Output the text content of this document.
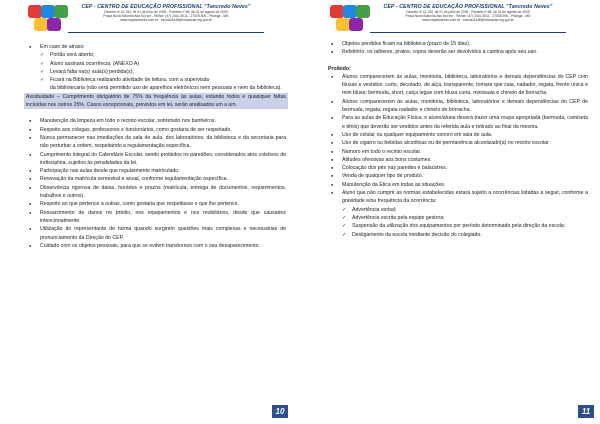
CEP - CENTRO DE EDUCAÇÃO PROFISSIONAL "Tancredo Neves"
Decreto nº 41.754, de 01 de julho de 2009 - Portaria nº 58, de 31 de agosto de 2009
Praça Nova Bolonha Asa Sul s/n - Tel/fax: (47) 3341-5011 - 27005-900 - Pitanga - MG
www.cepitancredo.com.br - escola.8448@educacao.mg.gov.br
● Em caso de atraso:
✓ Portão será aberto;
✓ Aluno assinará ocorrência; (ANEXO A)
✓ Levará falta na(s) aula(s) perdida(s);
✓ Ficará na Biblioteca realizando atividade de leitura, com a supervisão
da bibliotecária (não será permitido uso de aparelhos eletrônicos nem pessoais e nem da biblioteca).
Assiduidade – Cumprimento obrigatório de 75% da frequência às aulas, estando todos e quaisquer faltas incluídas nos outros 25%. Casos excepcionais, previstos em lei, serão analisados um a um.
● Manutenção da limpeza em todo o recinto escolar, sobretudo nos banheiros.
● Respeito aos colegas, professores e funcionários, como gostaria de ser respeitado.
● Nunca permanecer nas imediações da sala de aula, dos laboratórios, da biblioteca e da secretaria para não perturbar a ordem, respeitando a regulamentação específica.
● Cumprimento integral do Calendário Escolar, sendo proibidos os paredões; considerados atos coletivos de indisciplina, sujeitos às penalidades da lei.
● Participação nas aulas desde que regularmente matriculado.
● Renovação da matrícula semestral e anual, conforme regulamentação específica.
● Observância rigorosa de datas, horários e prazos (matrícula, entrega de documentos, requerimentos, trabalhos e outros).
● Respeito ao que pertence a outras, como gostaria que respeitasse o que lhe pertence.
● Ressarcimento de danos no prédio, nos equipamentos e nos mobiliários, desde que causados intencionalmente.
● Utilização do representante de turma quando surgirem questões mais complexas e necessárias de pronunciamento da Direção do CEP.
● Cuidado com os objetos pessoais, para que se evitem transtornos com o seu desaparecimento.
10
CEP - CENTRO DE EDUCAÇÃO PROFISSIONAL "Tancredo Neves"
Decreto nº 41.754, de 01 de julho de 2009 - Portaria nº 58, de 31 de agosto de 2009
Praça Nova Bolonha Asa Sul s/n - Tel/fax: (47) 3341-5011 - 27005-900 - Pitanga - MG
www.cepitancredo.com.br - escola.8448@educacao.mg.gov.br
● Objetos perdidos ficam na biblioteca (prazo de 15 dias).
● Refeitório: os talheres, pratos, copos deverão ser devolvidos à cantina após seu uso.
Proibido:
● Alunos comparecerem às aulas, monitoria, biblioteca, laboratórios e demais dependências do CEP com blusas e vestidos: curto, decotado, de alça, transparente, tomara que caia, nadador, regata, frente única e mini blusa; bermuda, short, calça legue com blusa curta, minissaia e chinelo de borracha.
● Alunos comparecerem às aulas, monitoria, biblioteca, laboratórios e demais dependências do CEP de bermuda, regata, regata nadador e chinelo de borracha.
● Para as aulas de Educação Física, o aluno/aluna deverá trazer uma roupa apropriada (bermuda, camiseta e tênis) que deverão ser vestidos antes da referida aula e retirado ao final da mesma.
● Uso de celular ou qualquer equipamento sonoro em sala de aula.
● Uso de cigarro ou bebidas alcoólicas ou de permanência alcoolizado(a) no recinto escolar.
● Namoro em todo o recinto escolar.
● Atitudes ofensivas aos bons costumes.
● Colocação dos pés nas paredes e balaústres.
● Venda de qualquer tipo de produto.
● Manutenção da Ética em todas as situações.
● Aluno que não cumprir as normas estabelecidas estará sujeito a ocorrências listadas a seguir, conforme a gravidade e/ou frequência da ocorrência:
✓ Advertência verbal;
✓ Advertência escrita pela equipe gestora;
✓ Suspensão da utilização dos equipamentos por período determinado pela direção da escola;
✓ Desligamento da escola mediante decisão do colegiado.
11
